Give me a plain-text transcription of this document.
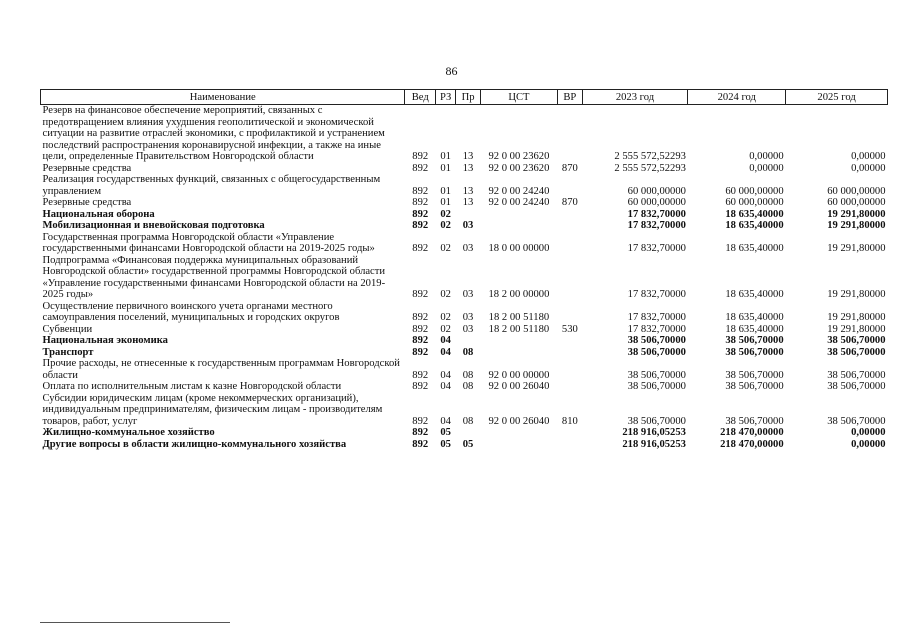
86
Наименование	Вед	РЗ	Пр	ЦСТ	ВР	2023 год	2024 год	2025 год
Резерв на финансовое обеспечение мероприятий, связанных с предотвращением влияния ухудшения геополитической и экономической ситуации на развитие отраслей экономики, с профилактикой и устранением последствий распространения коронавирусной инфекции, а также на иные цели, определенные Правительством Новгородской области	892	01	13	92 0 00 23620		2 555 572,52293	0,00000	0,00000
Резервные средства	892	01	13	92 0 00 23620	870	2 555 572,52293	0,00000	0,00000
Реализация государственных функций, связанных с общегосударственным управлением	892	01	13	92 0 00 24240		60 000,00000	60 000,00000	60 000,00000
Резервные средства	892	01	13	92 0 00 24240	870	60 000,00000	60 000,00000	60 000,00000
Национальная оборона	892	02				17 832,70000	18 635,40000	19 291,80000
Мобилизационная и вневойсковая подготовка	892	02	03			17 832,70000	18 635,40000	19 291,80000
Государственная программа Новгородской области «Управление государственными финансами Новгородской области на 2019-2025 годы»	892	02	03	18 0 00 00000		17 832,70000	18 635,40000	19 291,80000
Подпрограмма «Финансовая поддержка муниципальных образований Новгородской области» государственной программы Новгородской области «Управление государственными финансами Новгородской области на 2019-2025 годы»	892	02	03	18 2 00 00000		17 832,70000	18 635,40000	19 291,80000
Осуществление первичного воинского учета органами местного самоуправления поселений, муниципальных и городских округов	892	02	03	18 2 00 51180		17 832,70000	18 635,40000	19 291,80000
Субвенции	892	02	03	18 2 00 51180	530	17 832,70000	18 635,40000	19 291,80000
Национальная экономика	892	04				38 506,70000	38 506,70000	38 506,70000
Транспорт	892	04	08			38 506,70000	38 506,70000	38 506,70000
Прочие расходы, не отнесенные к государственным программам Новгородской области	892	04	08	92 0 00 00000		38 506,70000	38 506,70000	38 506,70000
Оплата по исполнительным листам к казне Новгородской области	892	04	08	92 0 00 26040		38 506,70000	38 506,70000	38 506,70000
Субсидии юридическим лицам (кроме некоммерческих организаций), индивидуальным предпринимателям, физическим лицам - производителям товаров, работ, услуг	892	04	08	92 0 00 26040	810	38 506,70000	38 506,70000	38 506,70000
Жилищно-коммунальное хозяйство	892	05				218 916,05253	218 470,00000	0,00000
Другие вопросы в области жилищно-коммунального хозяйства	892	05	05			218 916,05253	218 470,00000	0,00000
